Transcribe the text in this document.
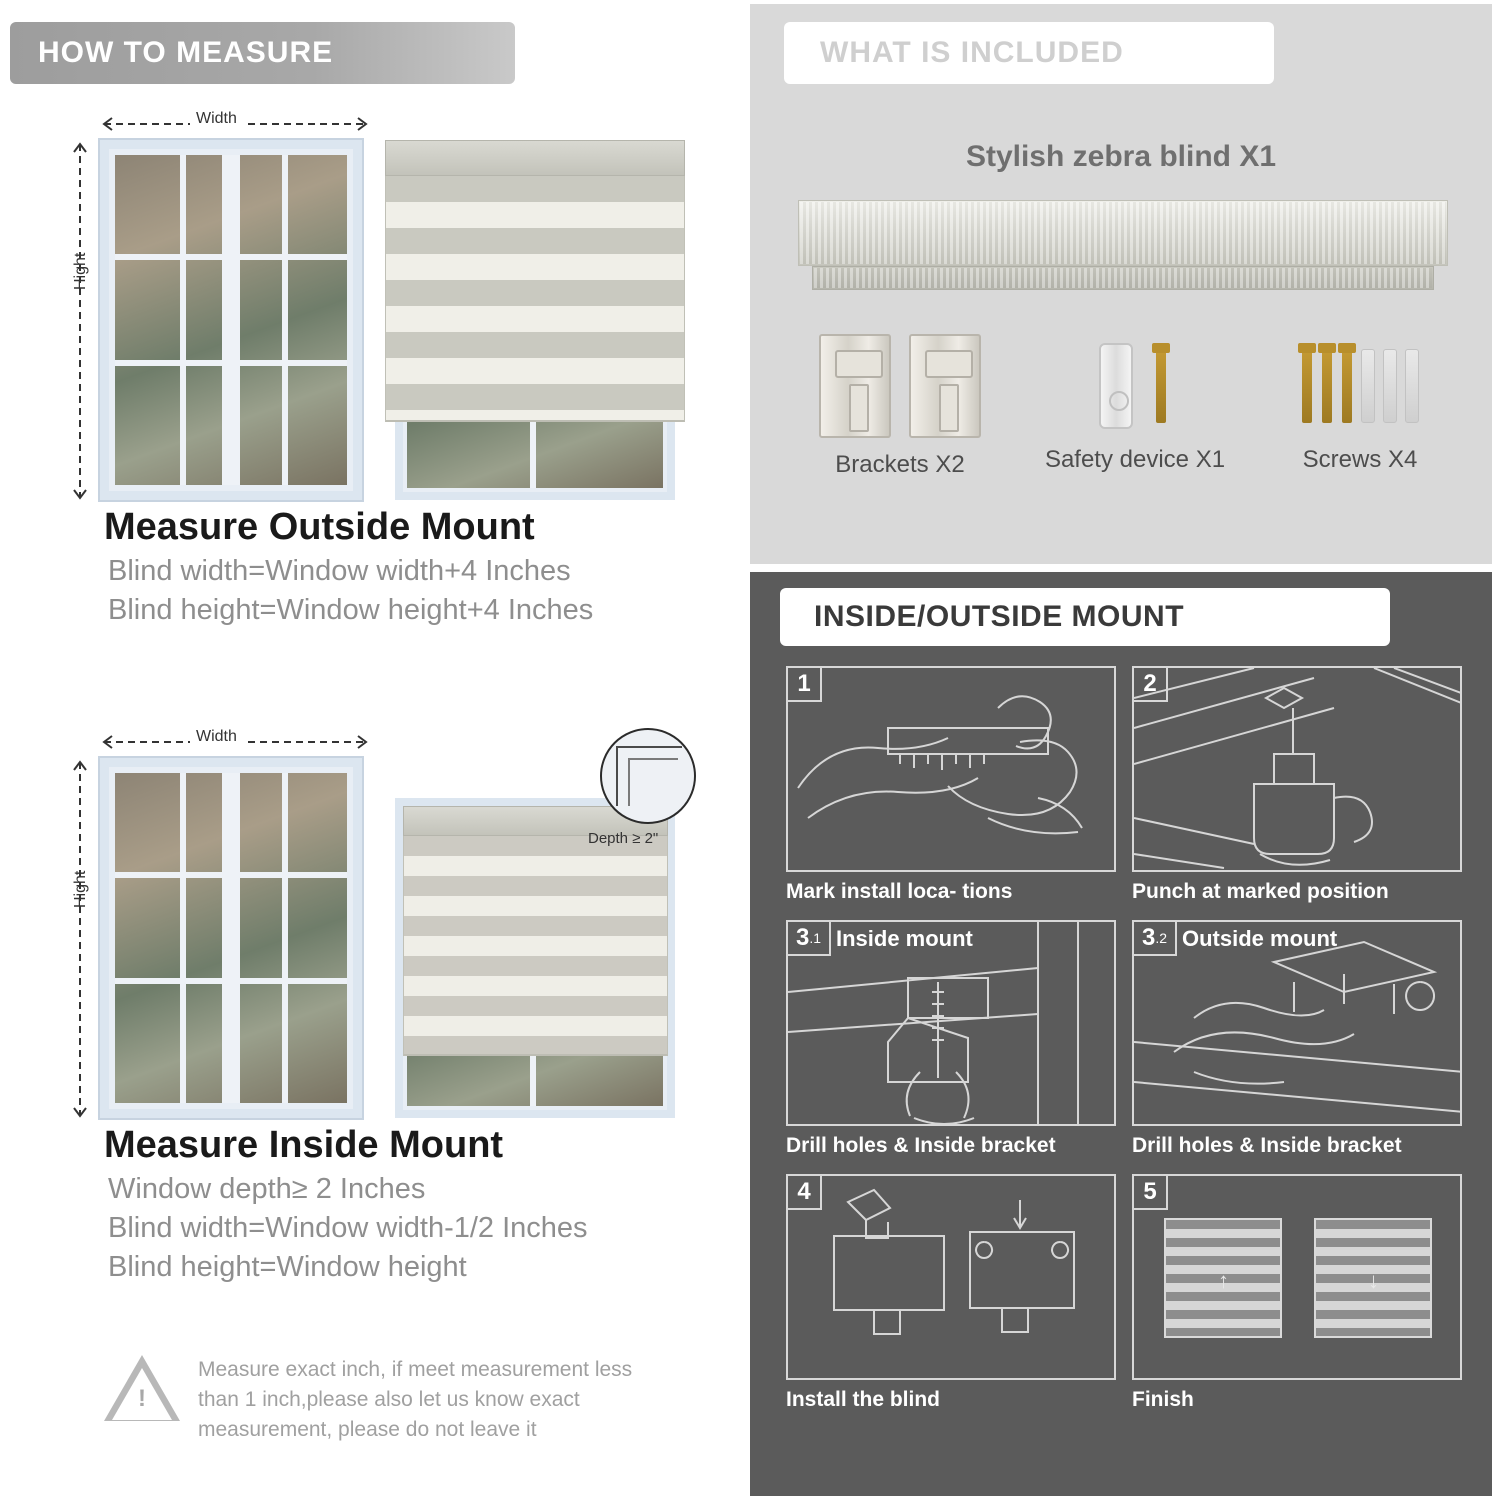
HOW TO MEASURE
Width
Hight
Measure Outside Mount
Blind width=Window width+4 Inches
Blind height=Window height+4 Inches
Width
Hight
Depth ≥ 2"
Measure Inside Mount
Window depth≥ 2 Inches
Blind width=Window width-1/2 Inches
Blind height=Window height
!
Measure exact inch, if meet measurement less than 1 inch,please also let us know exact measurement, please do not leave it
WHAT IS INCLUDED
Stylish zebra blind X1

Brackets X2	Safety device X1	Screws X4
INSIDE/OUTSIDE MOUNT
1
Mark install loca- tions
2
Punch at marked position
3 .1 Inside mount
Drill holes & Inside bracket
3 .2 Outside mount
Drill holes & Inside bracket
4
Install the blind
5
↑	↓
Finish
